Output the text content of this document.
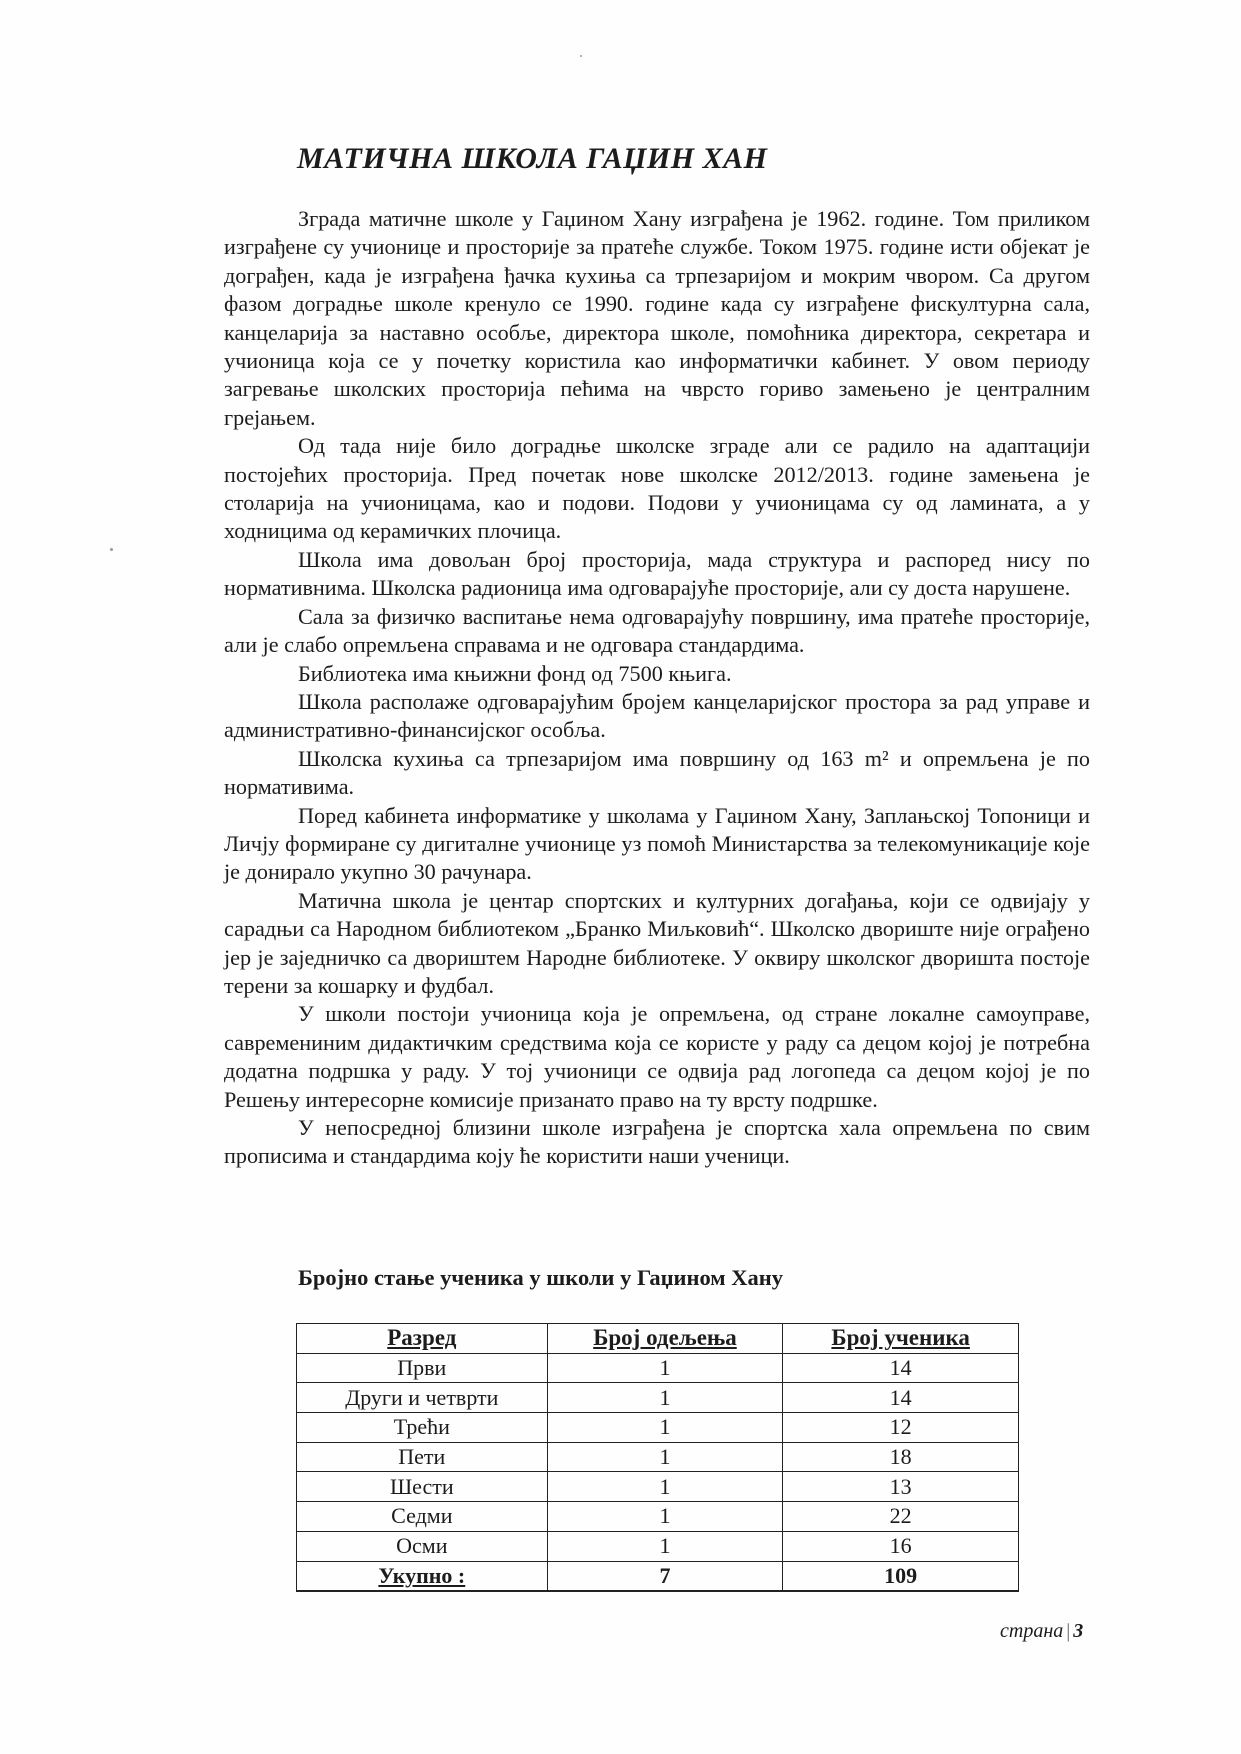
МАТИЧНА ШКОЛА ГАЏИН ХАН

Зграда матичне школе у Гаџином Хану изграђена је 1962. године. Том приликом изграђене су учионице и просторије за пратеће службе. Током 1975. године исти објекат је дограђен, када је изграђена ђачка кухиња са трпезаријом и мокрим чвором. Са другом фазом доградње школе кренуло се 1990. године када су изграђене фискултурна сала, канцеларија за наставно особље, директора школе, помоћника директора, секретара и учионица која се у почетку користила као информатички кабинет. У овом периоду загревање школских просторија пећима на чврсто гориво замењено је централним грејањем.

Од тада није било доградње школске зграде али се радило на адаптацији постојећих просторија. Пред почетак нове школске 2012/2013. године замењена је столарија на учионицама, као и подови. Подови у учионицама су од ламината, а у ходницима од керамичких плочица.

Школа има довољан број просторија, мада структура и распоред нису по нормативнима. Школска радионица има одговарајуће просторије, али су доста нарушене.

Сала за физичко васпитање нема одговарајућу површину, има пратеће просторије, али је слабо опремљена справама и не одговара стандардима.

Библиотека има књижни фонд од 7500 књига.

Школа располаже одговарајућим бројем канцеларијског простора за рад управе и административно-финансијског особља.

Школска кухиња са трпезаријом има површину од 163 m² и опремљена је по нормативима.

Поред кабинета информатике у школама у Гаџином Хану, Заплањској Топоници и Личју формиране су дигиталне учионице уз помоћ Министарства за телекомуникације које је донирало укупно 30 рачунара.

Матична школа је центар спортских и културних догађања, који се одвијају у сарадњи са Народном библиотеком „Бранко Миљковић“. Школско двориште није ограђено јер је заједничко са двориштем Народне библиотеке. У оквиру школског дворишта постоје терени за кошарку и фудбал.

У школи постоји учионица која је опремљена, од стране локалне самоуправе, савремениним дидактичким средствима која се користе у раду са децом којој је потребна додатна подршка у раду. У тој учионици се одвија рад логопеда са децом којој је по Решењу интересорне комисије призанато право на ту врсту подршке.

У непосредној близини школе изграђена је спортска хала опремљена по свим прописима и стандардима коју ће користити наши ученици.

Бројно стање ученика у школи у Гаџином Хану
Разред	Број одељења	Број ученика
Први	1	14
Други и четврти	1	14
Трећи	1	12
Пети	1	18
Шести	1	13
Седми	1	22
Осми	1	16
Укупно :	7	109
страна | 3
